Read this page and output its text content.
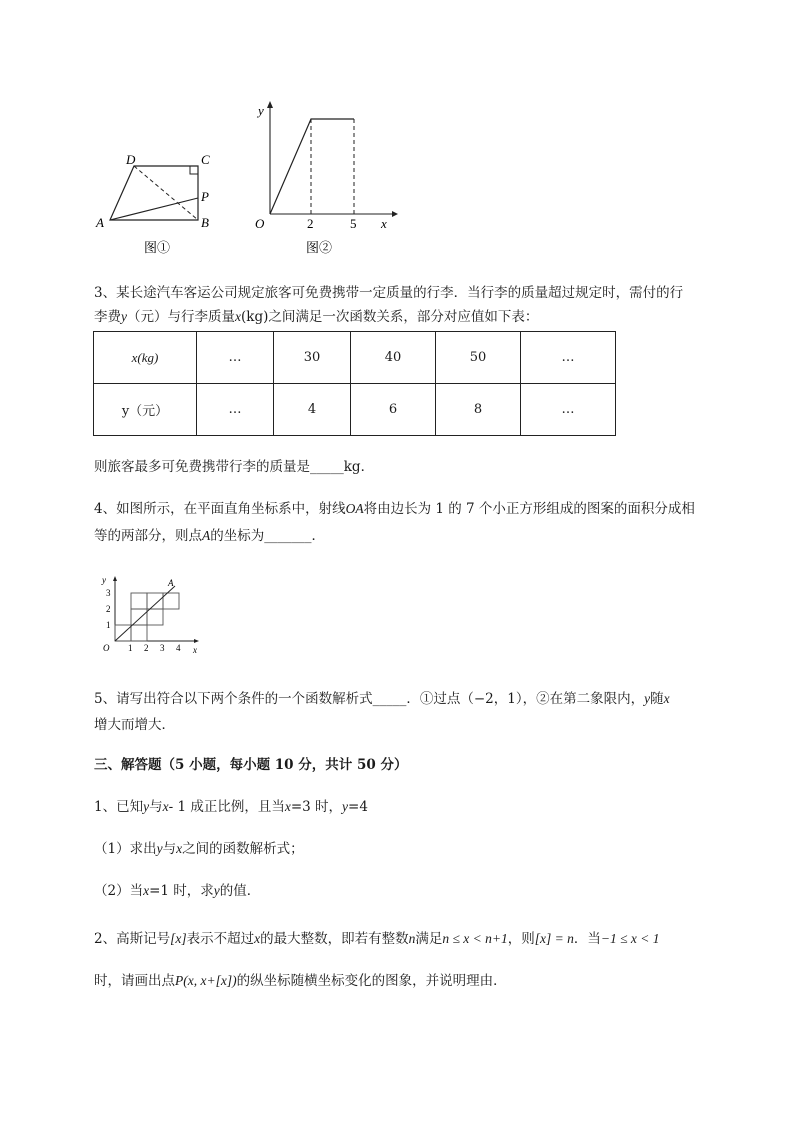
D	C
P
A	B
图①
y
x
O	2	5
图②
3、某长途汽车客运公司规定旅客可免费携带一定质量的行李．当行李的质量超过规定时，需付的行
李费y（元）与行李质量x(kg)之间满足一次函数关系，部分对应值如下表：
x(kg)	…	30	40	50	…
y（元）	…	4	6	8	…
则旅客最多可免费携带行李的质量是_____kg．
4、如图所示，在平面直角坐标系中，射线OA将由边长为 1 的 7 个小正方形组成的图案的面积分成相
等的两部分，则点A的坐标为_______．
A
y
x
O 1 2 3 4
1
2
3
5、请写出符合以下两个条件的一个函数解析式_____．①过点（−2，1），②在第二象限内，y随x
增大而增大．
三、解答题（5 小题，每小题 10 分，共计 50 分）
1、已知y与x- 1 成正比例，且当x=3 时，y=4
（1）求出y与x之间的函数解析式；
（2）当x=1 时，求y的值．
2、高斯记号[x]表示不超过x的最大整数，即若有整数n满足n ≤ x < n+1，则[x] = n．当−1 ≤ x < 1
时，请画出点P(x, x+[x])的纵坐标随横坐标变化的图象，并说明理由．
